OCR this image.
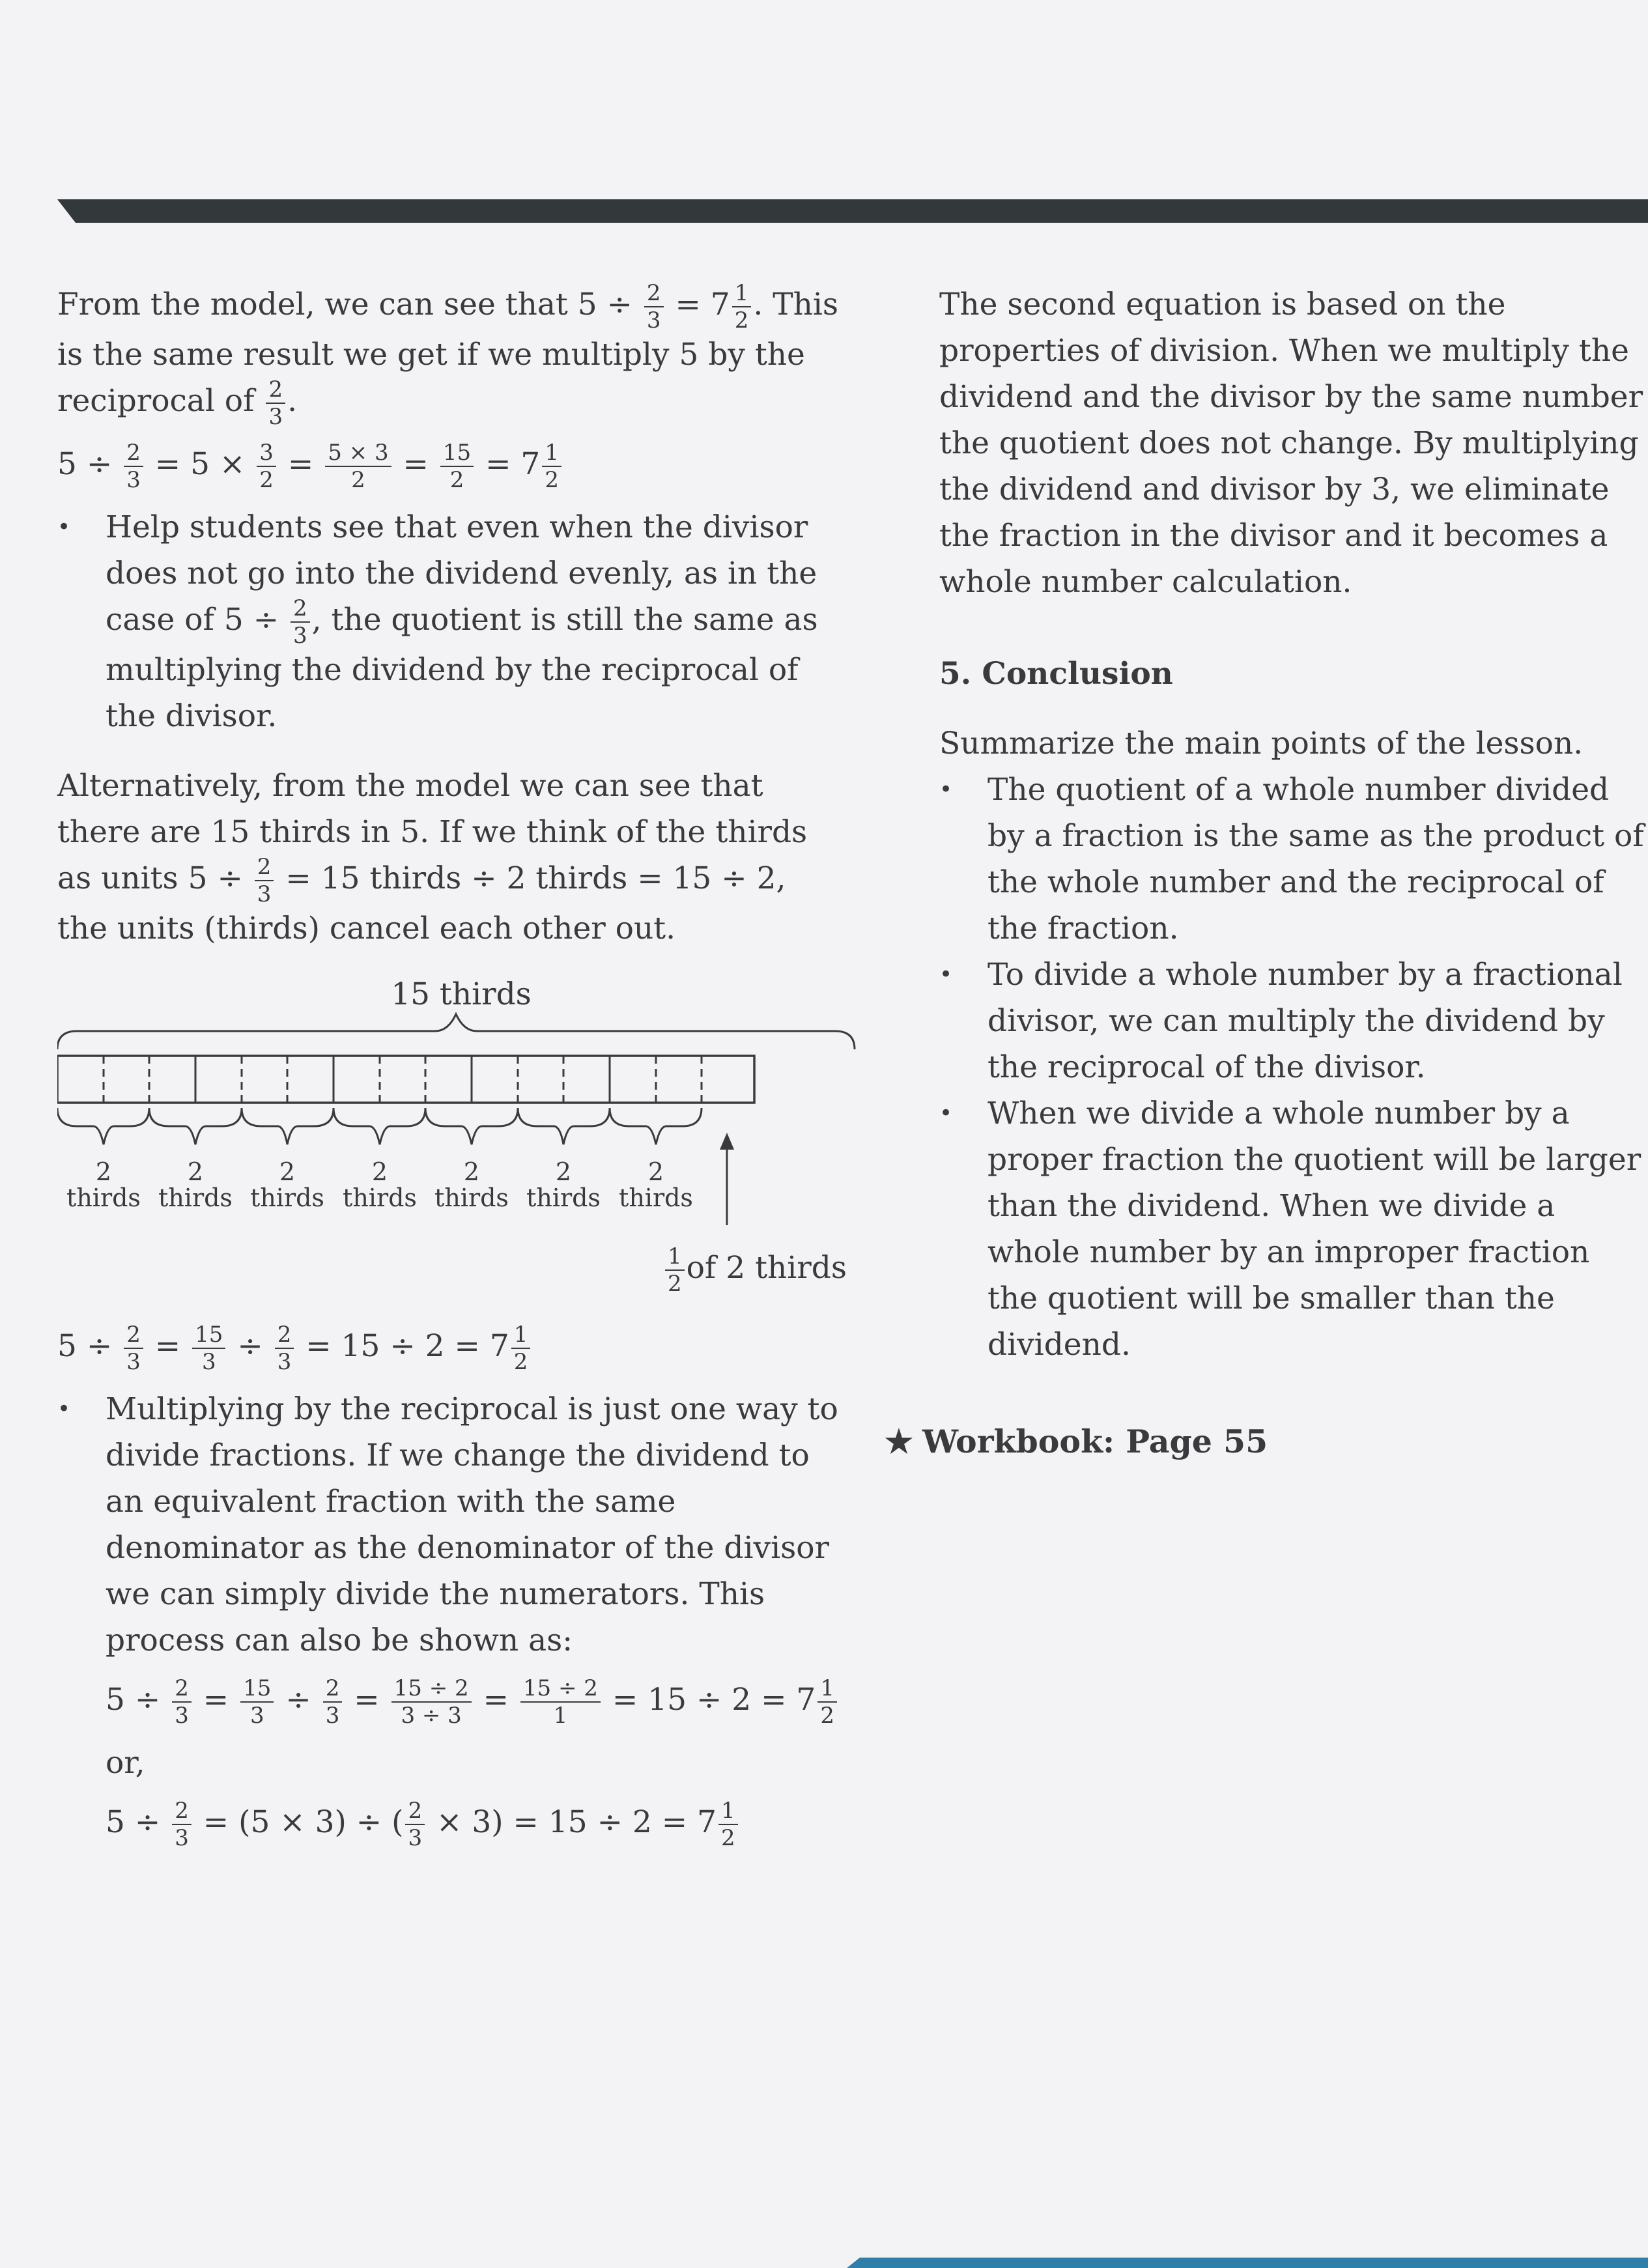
From the model, we can see that $5 \div \frac{2}{3} = 7 \frac{1}{2}$ . This is the same result we get if we multiply 5 by the reciprocal of $\frac{2}{3}$ .

$5 \div \frac{2}{3} = 5 \times \frac{3}{2} = \frac{5 \times 3}{2} = \frac{15}{2} = 7 \frac{1}{2}$

• Help students see that even when the divisor does not go into the dividend evenly, as in the case of $5 \div \frac{2}{3}$ , the quotient is still the same as multiplying the dividend by the reciprocal of the divisor.

Alternatively, from the model we can see that there are 15 thirds in 5. If we think of the thirds as units $5 \div \frac{2}{3} = 15$ thirds ÷ 2 thirds = 15 ÷ 2, the units (thirds) cancel each other out.

15 thirds
2
thirds
2
thirds
2
thirds
2
thirds
2
thirds
2
thirds
2
thirds
$\frac{1}{2}$ of 2 thirds

$5 \div \frac{2}{3} = \frac{15}{3} \div \frac{2}{3} = 15 \div 2 = 7 \frac{1}{2}$

• Multiplying by the reciprocal is just one way to divide fractions. If we change the dividend to an equivalent fraction with the same denominator as the denominator of the divisor we can simply divide the numerators. This process can also be shown as:

$5 \div \frac{2}{3} = \frac{15}{3} \div \frac{2}{3} = \frac{15 \div 2}{3 \div 3} = \frac{15 \div 2}{1} = 15 \div 2 = 7 \frac{1}{2}$

or,

$5 \div \frac{2}{3} = (5 \times 3)$ ÷ ( $\frac{2}{3} \times 3) = 15 \div 2 = 7 \frac{1}{2}$

The second equation is based on the properties of division. When we multiply the dividend and the divisor by the same number the quotient does not change. By multiplying the dividend and divisor by 3, we eliminate the fraction in the divisor and it becomes a whole number calculation.

5. Conclusion

Summarize the main points of the lesson.

• The quotient of a whole number divided by a fraction is the same as the product of the whole number and the reciprocal of the fraction.
• To divide a whole number by a fractional divisor, we can multiply the dividend by the reciprocal of the divisor.
• When we divide a whole number by a proper fraction the quotient will be larger than the dividend. When we divide a whole number by an improper fraction the quotient will be smaller than the dividend.
★ Workbook: Page 55
